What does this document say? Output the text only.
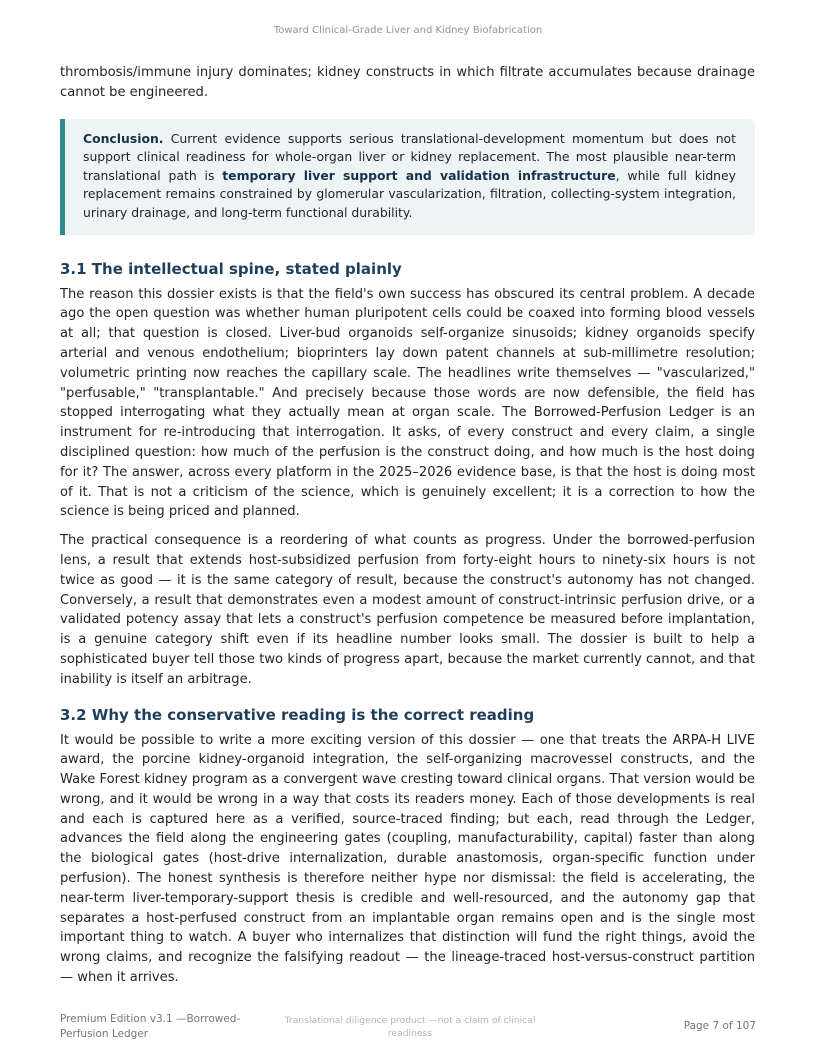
Toward Clinical-Grade Liver and Kidney Biofabrication

thrombosis/immune injury dominates; kidney constructs in which filtrate accumulates because drainage cannot be engineered.

Conclusion. Current evidence supports serious translational-development momentum but does not support clinical readiness for whole-organ liver or kidney replacement. The most plausible near-term translational path is temporary liver support and validation infrastructure, while full kidney replacement remains constrained by glomerular vascularization, filtration, collecting-system integration, urinary drainage, and long-term functional durability.

3.1 The intellectual spine, stated plainly

The reason this dossier exists is that the field's own success has obscured its central problem. A decade ago the open question was whether human pluripotent cells could be coaxed into forming blood vessels at all; that question is closed. Liver-bud organoids self-organize sinusoids; kidney organoids specify arterial and venous endothelium; bioprinters lay down patent channels at sub-millimetre resolution; volumetric printing now reaches the capillary scale. The headlines write themselves — "vascularized," "perfusable," "transplantable." And precisely because those words are now defensible, the field has stopped interrogating what they actually mean at organ scale. The Borrowed-Perfusion Ledger is an instrument for re-introducing that interrogation. It asks, of every construct and every claim, a single disciplined question: how much of the perfusion is the construct doing, and how much is the host doing for it? The answer, across every platform in the 2025–2026 evidence base, is that the host is doing most of it. That is not a criticism of the science, which is genuinely excellent; it is a correction to how the science is being priced and planned.

The practical consequence is a reordering of what counts as progress. Under the borrowed-perfusion lens, a result that extends host-subsidized perfusion from forty-eight hours to ninety-six hours is not twice as good — it is the same category of result, because the construct's autonomy has not changed. Conversely, a result that demonstrates even a modest amount of construct-intrinsic perfusion drive, or a validated potency assay that lets a construct's perfusion competence be measured before implantation, is a genuine category shift even if its headline number looks small. The dossier is built to help a sophisticated buyer tell those two kinds of progress apart, because the market currently cannot, and that inability is itself an arbitrage.

3.2 Why the conservative reading is the correct reading

It would be possible to write a more exciting version of this dossier — one that treats the ARPA-H LIVE award, the porcine kidney-organoid integration, the self-organizing macrovessel constructs, and the Wake Forest kidney program as a convergent wave cresting toward clinical organs. That version would be wrong, and it would be wrong in a way that costs its readers money. Each of those developments is real and each is captured here as a verified, source-traced finding; but each, read through the Ledger, advances the field along the engineering gates (coupling, manufacturability, capital) faster than along the biological gates (host-drive internalization, durable anastomosis, organ-specific function under perfusion). The honest synthesis is therefore neither hype nor dismissal: the field is accelerating, the near-term liver-temporary-support thesis is credible and well-resourced, and the autonomy gap that separates a host-perfused construct from an implantable organ remains open and is the single most important thing to watch. A buyer who internalizes that distinction will fund the right things, avoid the wrong claims, and recognize the falsifying readout — the lineage-traced host-versus-construct partition — when it arrives.

Premium Edition v3.1 —Borrowed-Perfusion Ledger
Translational diligence product —not a claim of clinical readiness
Page 7 of 107
